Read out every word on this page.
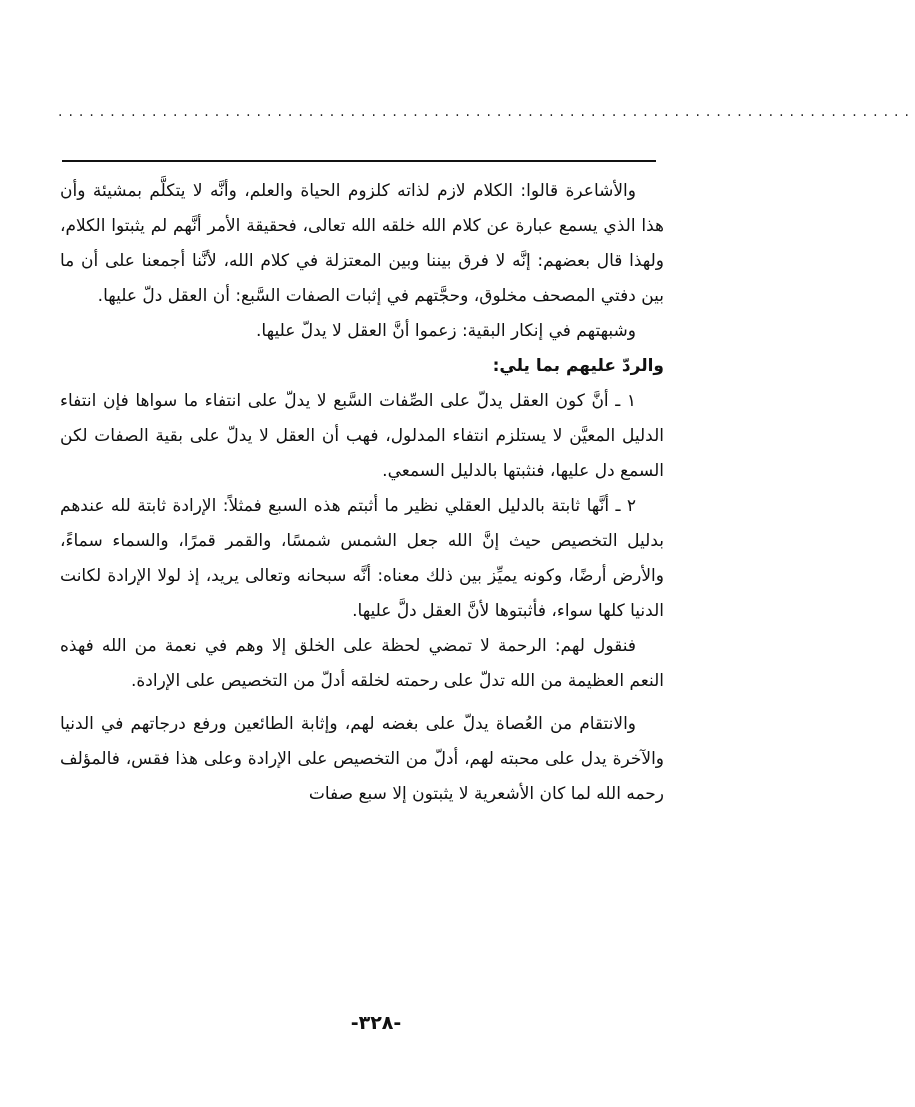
..................................................................................

والأشاعرة قالوا: الكلام لازم لذاته كلزوم الحياة والعلم، وأنَّه لا يتكلَّم بمشيئة وأن هذا الذي يسمع عبارة عن كلام الله خلقه الله تعالى، فحقيقة الأمر أنَّهم لم يثبتوا الكلام، ولهذا قال بعضهم: إنَّه لا فرق بيننا وبين المعتزلة في كلام الله، لأنَّنا أجمعنا على أن ما بين دفتي المصحف مخلوق، وحجَّتهم في إثبات الصفات السَّبع: أن العقل دلّ عليها.

وشبهتهم في إنكار البقية: زعموا أنَّ العقل لا يدلّ عليها.

والردّ عليهم بما يلي:

١ ـ أنَّ كون العقل يدلّ على الصِّفات السَّبع لا يدلّ على انتفاء ما سواها فإن انتفاء الدليل المعيَّن لا يستلزم انتفاء المدلول، فهب أن العقل لا يدلّ على بقية الصفات لكن السمع دل عليها، فنثبتها بالدليل السمعي.

٢ ـ أنَّها ثابتة بالدليل العقلي نظير ما أثبتم هذه السبع فمثلاً: الإرادة ثابتة لله عندهم بدليل التخصيص حيث إنَّ الله جعل الشمس شمسًا، والقمر قمرًا، والسماء سماءً، والأرض أرضًا، وكونه يميِّز بين ذلك معناه: أنَّه سبحانه وتعالى يريد، إذ لولا الإرادة لكانت الدنيا كلها سواء، فأثبتوها لأنَّ العقل دلَّ عليها.

فنقول لهم: الرحمة لا تمضي لحظة على الخلق إلا وهم في نعمة من الله فهذه النعم العظيمة من الله تدلّ على رحمته لخلقه أدلّ من التخصيص على الإرادة.

والانتقام من العُصاة يدلّ على بغضه لهم، وإثابة الطائعين ورفع درجاتهم في الدنيا والآخرة يدل على محبته لهم، أدلّ من التخصيص على الإرادة وعلى هذا فقس، فالمؤلف رحمه الله لما كان الأشعرية لا يثبتون إلا سبع صفات

-٣٢٨-
